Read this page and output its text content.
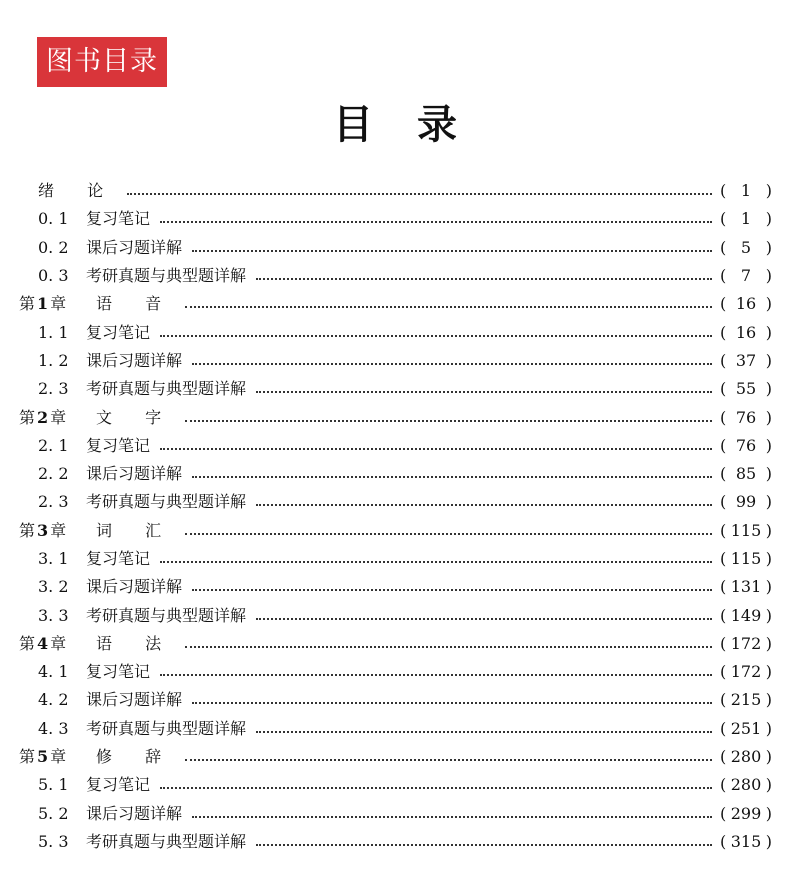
图书目录
目 录
绪 论	( 1 )
0. 1	复习笔记	( 1 )
0. 2	课后习题详解	( 5 )
0. 3	考研真题与典型题详解	( 7 )
第 1 章	语 音	( 16 )
1. 1	复习笔记	( 16 )
1. 2	课后习题详解	( 37 )
2. 3	考研真题与典型题详解	( 55 )
第 2 章	文 字	( 76 )
2. 1	复习笔记	( 76 )
2. 2	课后习题详解	( 85 )
2. 3	考研真题与典型题详解	( 99 )
第 3 章	词 汇	( 115 )
3. 1	复习笔记	( 115 )
3. 2	课后习题详解	( 131 )
3. 3	考研真题与典型题详解	( 149 )
第 4 章	语 法	( 172 )
4. 1	复习笔记	( 172 )
4. 2	课后习题详解	( 215 )
4. 3	考研真题与典型题详解	( 251 )
第 5 章	修 辞	( 280 )
5. 1	复习笔记	( 280 )
5. 2	课后习题详解	( 299 )
5. 3	考研真题与典型题详解	( 315 )
